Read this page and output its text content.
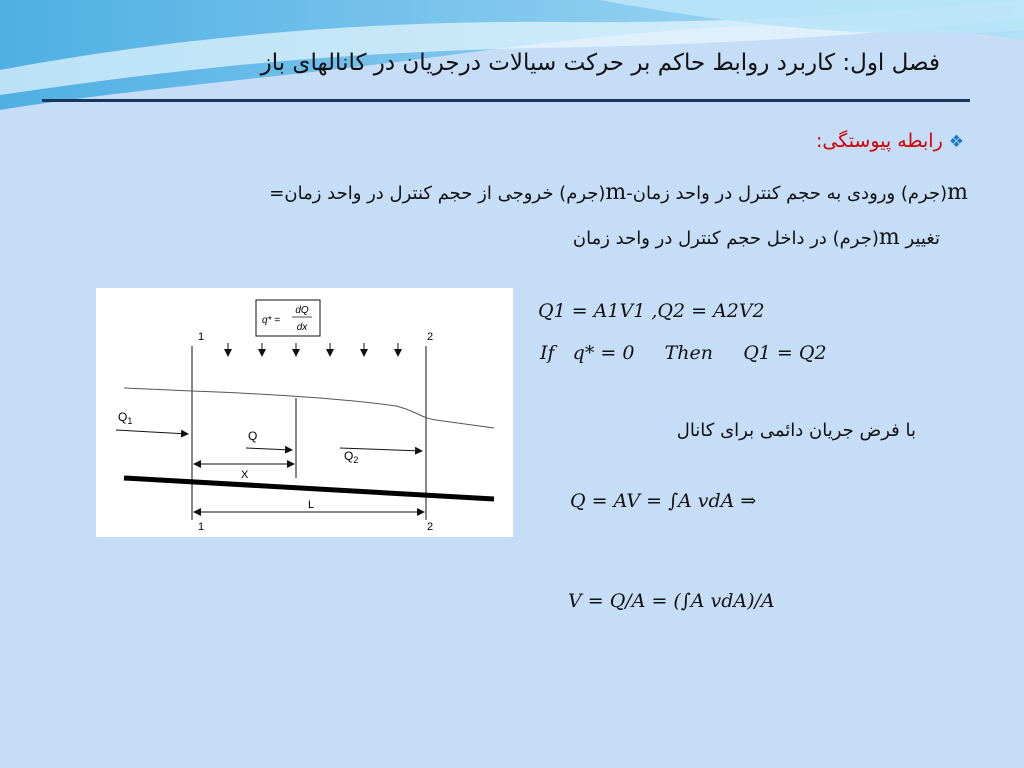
فصل اول: کاربرد روابط حاکم بر حرکت سیالات درجریان در کانالهای باز
❖رابطه پیوستگی:
m(جرم) ورودی به حجم کنترل در واحد زمان-m(جرم) خروجی از حجم کنترل در واحد زمان=
تغییر m(جرم) در داخل حجم کنترل در واحد زمان
q* =
dQ
dx
1	2
1	2
$Q_1$
Q
$Q_2$
X
L
Q1 = A1V1 ,Q2 = A2V2
If q* = 0 Then Q1 = Q2
با فرض جریان دائمی برای کانال
Q = AV = ∫A vdA ⇒
V = Q/A = (∫A vdA)/A
